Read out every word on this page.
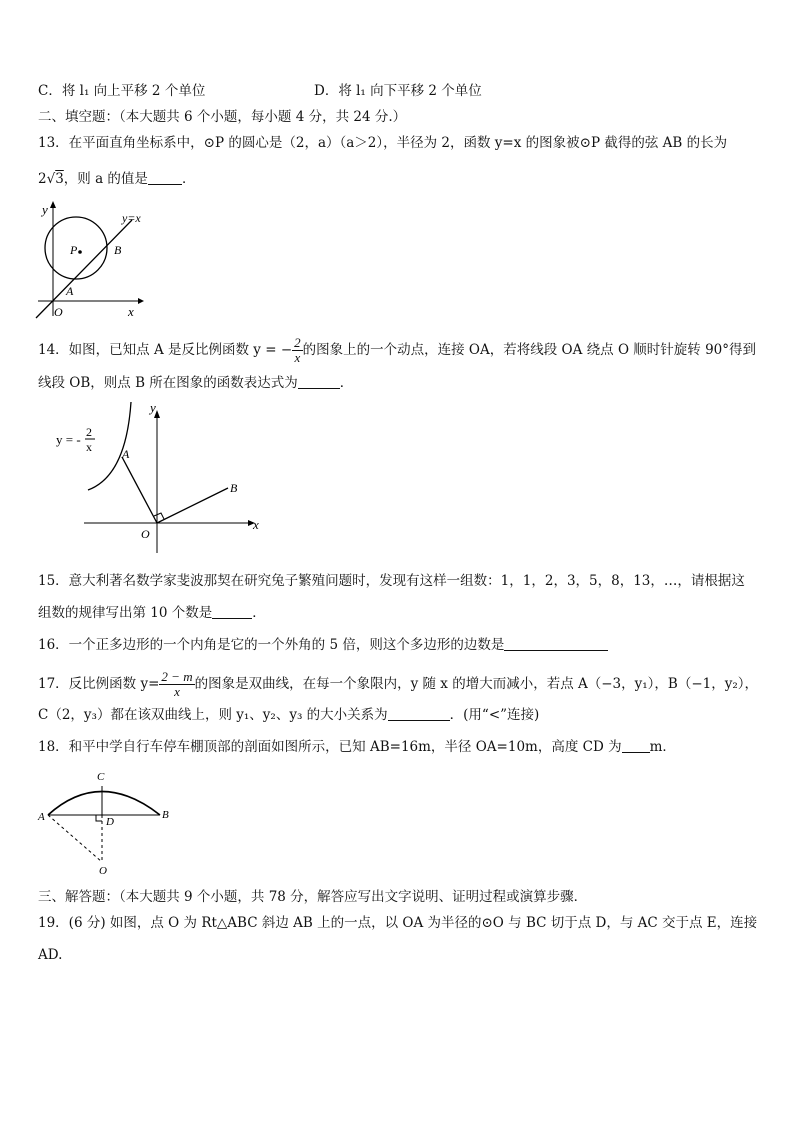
C．将 l₁ 向上平移 2 个单位	D．将 l₁ 向下平移 2 个单位
二、填空题：（本大题共 6 个小题，每小题 4 分，共 24 分.）
13．在平面直角坐标系中，⊙P 的圆心是（2，a）（a＞2），半径为 2，函数 y=x 的图象被⊙P 截得的弦 AB 的长为
2√3，则 a 的值是	．
y
x
O
P
A
B
y=x
14．如图，已知点 A 是反比例函数 y = − $\frac{2}{x}$ 的图象上的一个动点，连接 OA，若将线段 OA 绕点 O 顺时针旋转 90°得到
线段 OB，则点 B 所在图象的函数表达式为	．
y = - 2
x
y
x
O
A
B
15．意大利著名数学家斐波那契在研究兔子繁殖问题时，发现有这样一组数：1，1，2，3，5，8，13，…，请根据这
组数的规律写出第 10 个数是	．
16．一个正多边形的一个内角是它的一个外角的 5 倍，则这个多边形的边数是
17．反比例函数 $y= \frac{2 - m}{x}$ 的图象是双曲线，在每一个象限内，y 随 x 的增大而减小，若点 A（−3，y₁），B（−1，y₂），
C（2，y₃）都在该双曲线上，则 y₁、y₂、y₃ 的大小关系为	．(用“<”连接)
18．和平中学自行车停车棚顶部的剖面如图所示，已知 AB=16m，半径 OA=10m，高度 CD 为 m．
A	B
C
D
O
三、解答题：（本大题共 9 个小题，共 78 分，解答应写出文字说明、证明过程或演算步骤．
19．(6 分) 如图，点 O 为 Rt△ABC 斜边 AB 上的一点，以 OA 为半径的⊙O 与 BC 切于点 D，与 AC 交于点 E，连接
AD.
